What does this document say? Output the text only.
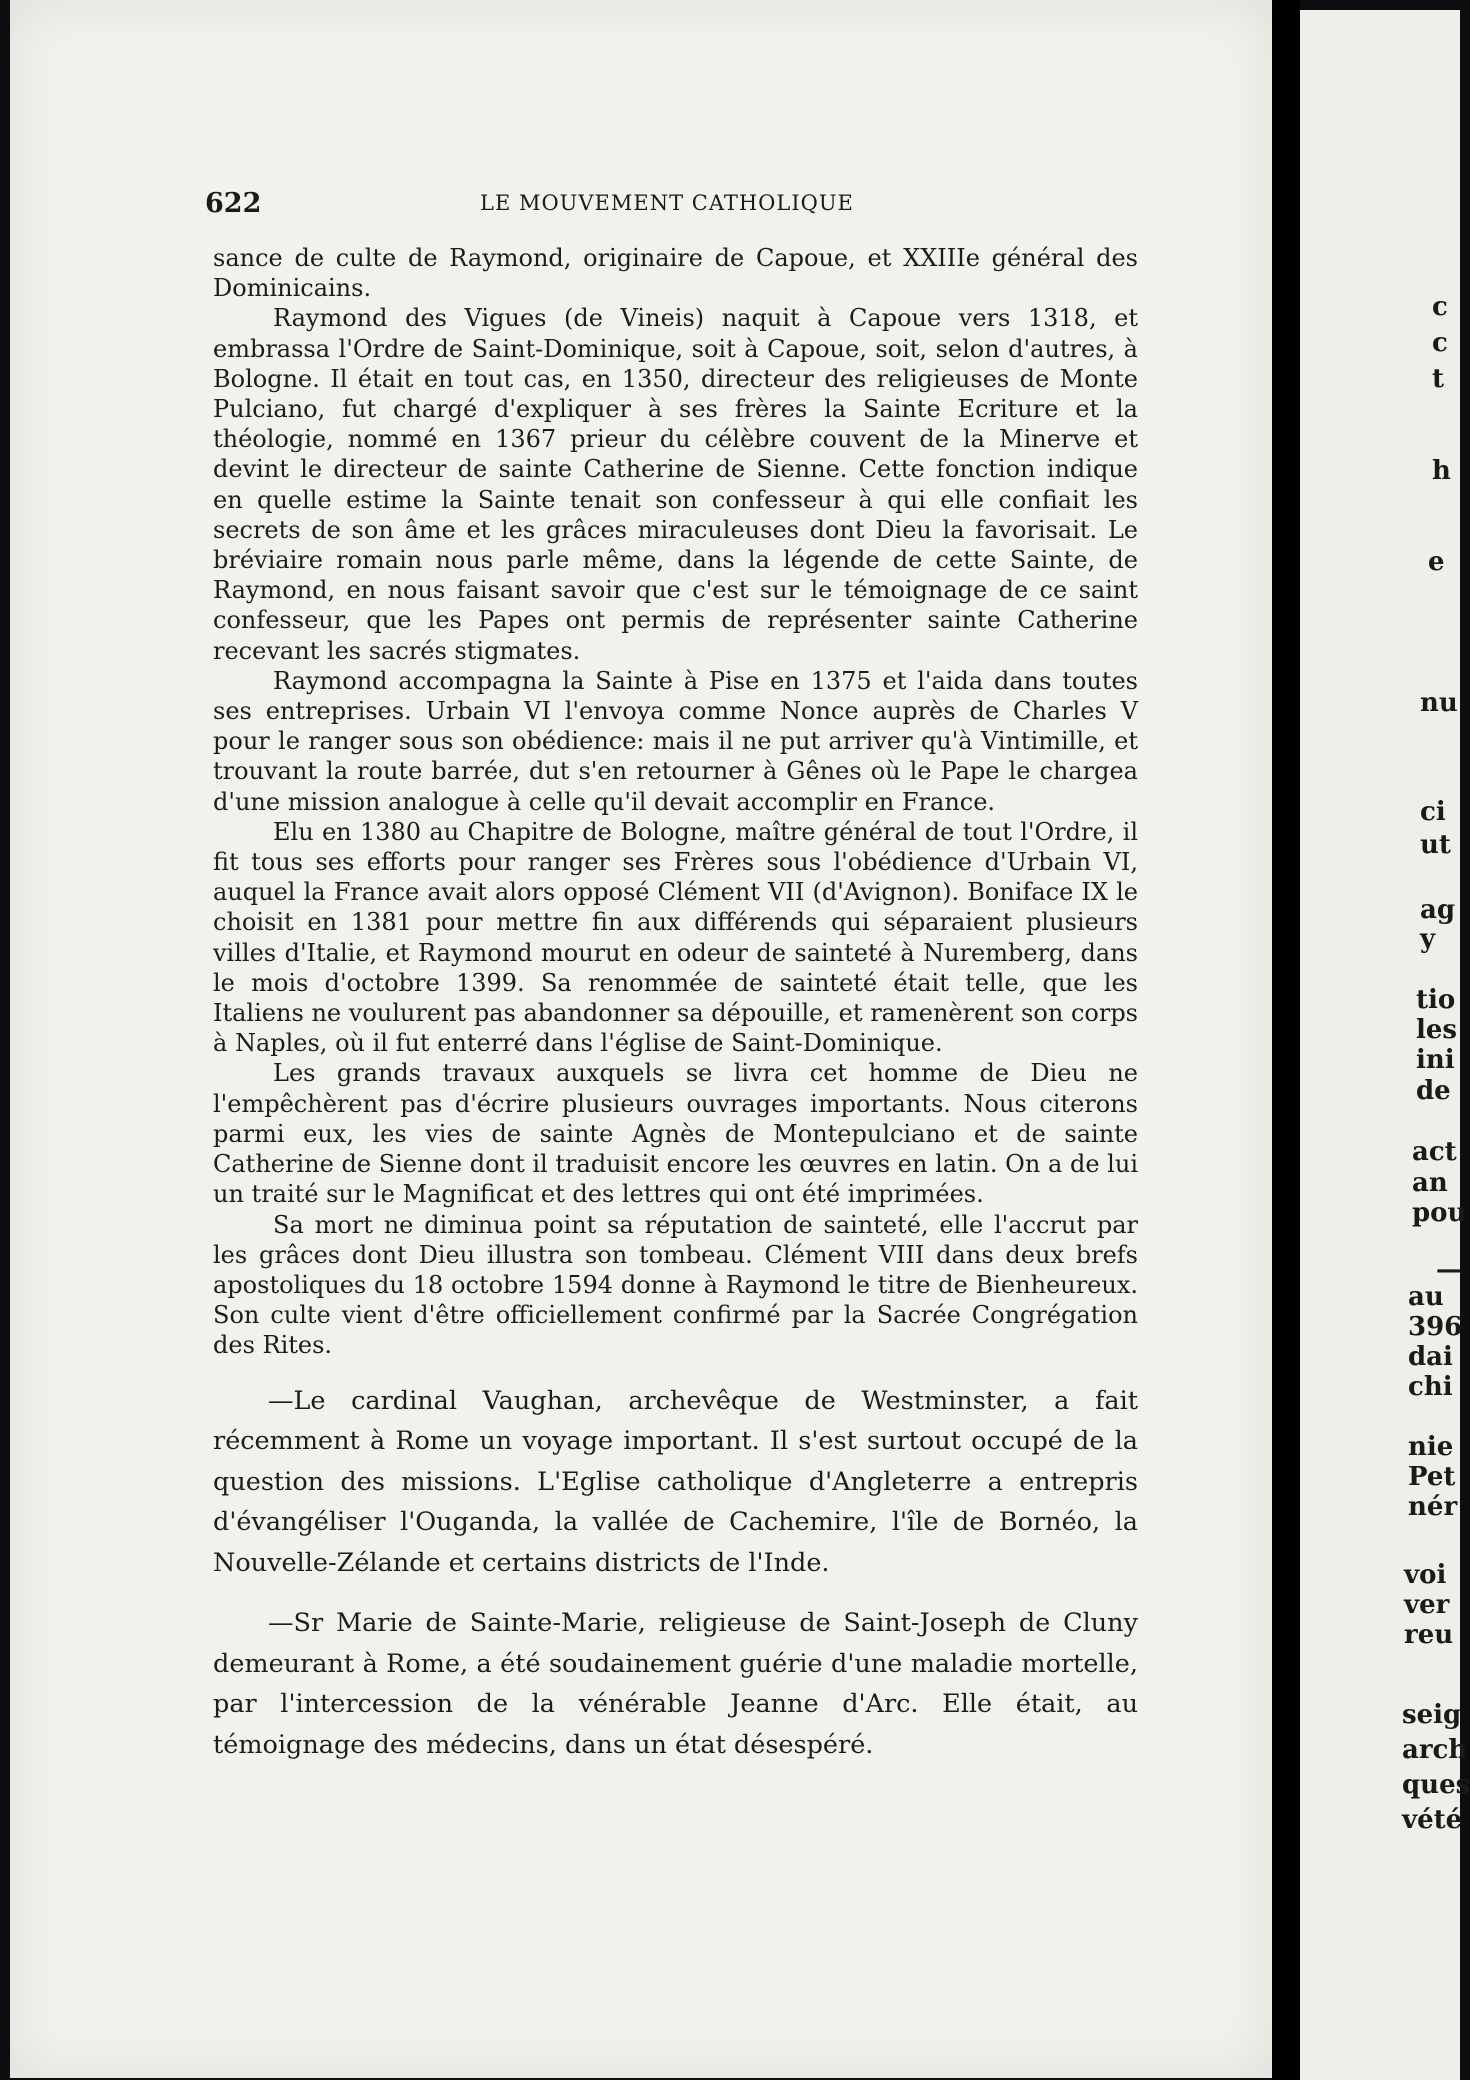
c
c
t
h
e
nu
ci
ut
ag
y
tio
les
ini
de
act
an
pou
—
au
396
dai
chi
nie
Pet
nér
voi
ver
reu
seig
arch
ques
vété
622	LE MOUVEMENT CATHOLIQUE

sance de culte de Raymond, originaire de Capoue, et XXIIIe général des Dominicains.

Raymond des Vigues (de Vineis) naquit à Capoue vers 1318, et embrassa l'Ordre de Saint-Dominique, soit à Capoue, soit, selon d'autres, à Bologne. Il était en tout cas, en 1350, directeur des religieuses de Monte Pulciano, fut chargé d'expliquer à ses frères la Sainte Ecriture et la théologie, nommé en 1367 prieur du célèbre couvent de la Minerve et devint le directeur de sainte Catherine de Sienne. Cette fonction indique en quelle estime la Sainte tenait son confesseur à qui elle confiait les secrets de son âme et les grâces miraculeuses dont Dieu la favorisait. Le bréviaire romain nous parle même, dans la légende de cette Sainte, de Raymond, en nous faisant savoir que c'est sur le témoignage de ce saint confesseur, que les Papes ont permis de représenter sainte Catherine recevant les sacrés stigmates.

Raymond accompagna la Sainte à Pise en 1375 et l'aida dans toutes ses entreprises. Urbain VI l'envoya comme Nonce auprès de Charles V pour le ranger sous son obédience: mais il ne put arriver qu'à Vintimille, et trouvant la route barrée, dut s'en retourner à Gênes où le Pape le chargea d'une mission analogue à celle qu'il devait accomplir en France.

Elu en 1380 au Chapitre de Bologne, maître général de tout l'Ordre, il fit tous ses efforts pour ranger ses Frères sous l'obédience d'Urbain VI, auquel la France avait alors opposé Clément VII (d'Avignon). Boniface IX le choisit en 1381 pour mettre fin aux différends qui séparaient plusieurs villes d'Italie, et Raymond mourut en odeur de sainteté à Nuremberg, dans le mois d'octobre 1399. Sa renommée de sainteté était telle, que les Italiens ne voulurent pas abandonner sa dépouille, et ramenèrent son corps à Naples, où il fut enterré dans l'église de Saint-Dominique.

Les grands travaux auxquels se livra cet homme de Dieu ne l'empêchèrent pas d'écrire plusieurs ouvrages importants. Nous citerons parmi eux, les vies de sainte Agnès de Montepulciano et de sainte Catherine de Sienne dont il traduisit encore les œuvres en latin. On a de lui un traité sur le Magnificat et des lettres qui ont été imprimées.

Sa mort ne diminua point sa réputation de sainteté, elle l'accrut par les grâces dont Dieu illustra son tombeau. Clément VIII dans deux brefs apostoliques du 18 octobre 1594 donne à Raymond le titre de Bienheureux. Son culte vient d'être officiellement confirmé par la Sacrée Congrégation des Rites.

—Le cardinal Vaughan, archevêque de Westminster, a fait récemment à Rome un voyage important. Il s'est surtout occupé de la question des missions. L'Eglise catholique d'Angleterre a entrepris d'évangéliser l'Ouganda, la vallée de Cachemire, l'île de Bornéo, la Nouvelle-Zélande et certains districts de l'Inde.

—Sr Marie de Sainte-Marie, religieuse de Saint-Joseph de Cluny demeurant à Rome, a été soudainement guérie d'une maladie mortelle, par l'intercession de la vénérable Jeanne d'Arc. Elle était, au témoignage des médecins, dans un état désespéré.
